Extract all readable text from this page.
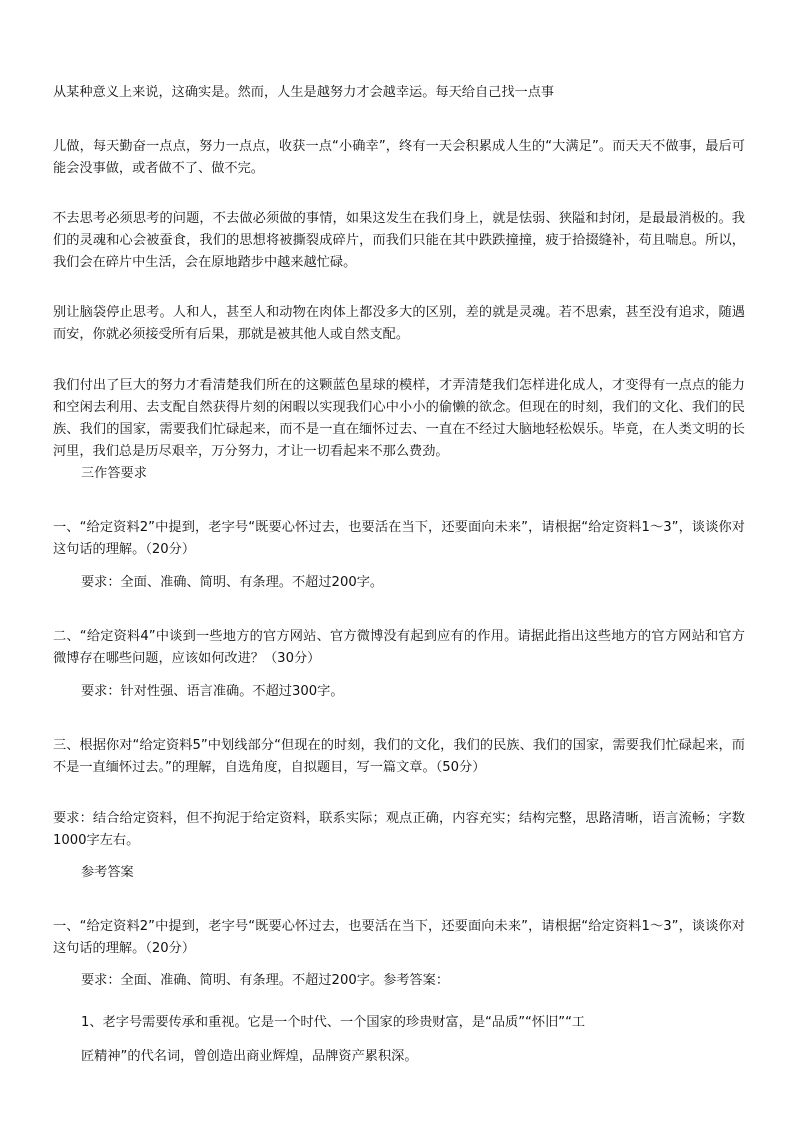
从某种意义上来说，这确实是。然而，人生是越努力才会越幸运。每天给自己找一点事

儿做，每天勤奋一点点，努力一点点，收获一点“小确幸”，终有一天会积累成人生的“大满足”。而天天不做事，最后可能会没事做，或者做不了、做不完。

不去思考必须思考的问题，不去做必须做的事情，如果这发生在我们身上，就是怯弱、狭隘和封闭，是最最消极的。我们的灵魂和心会被蚕食，我们的思想将被撕裂成碎片，而我们只能在其中跌跌撞撞，疲于拾掇缝补，苟且喘息。所以，我们会在碎片中生活，会在原地踏步中越来越忙碌。

别让脑袋停止思考。人和人，甚至人和动物在肉体上都没多大的区别，差的就是灵魂。若不思索，甚至没有追求，随遇而安，你就必须接受所有后果，那就是被其他人或自然支配。

我们付出了巨大的努力才看清楚我们所在的这颗蓝色星球的模样，才弄清楚我们怎样进化成人，才变得有一点点的能力和空闲去利用、去支配自然获得片刻的闲暇以实现我们心中小小的偷懒的欲念。但现在的时刻，我们的文化、我们的民族、我们的国家，需要我们忙碌起来，而不是一直在缅怀过去、一直在不经过大脑地轻松娱乐。毕竟，在人类文明的长河里，我们总是历尽艰辛，万分努力，才让一切看起来不那么费劲。

三作答要求

一、“给定资料2”中提到，老字号“既要心怀过去，也要活在当下，还要面向未来”，请根据“给定资料1～3”，谈谈你对这句话的理解。（20分）

要求：全面、准确、简明、有条理。不超过200字。

二、“给定资料4”中谈到一些地方的官方网站、官方微博没有起到应有的作用。请据此指出这些地方的官方网站和官方微博存在哪些问题，应该如何改进？（30分）

要求：针对性强、语言准确。不超过300字。

三、根据你对“给定资料5”中划线部分“但现在的时刻，我们的文化，我们的民族、我们的国家，需要我们忙碌起来，而不是一直缅怀过去。”的理解，自选角度，自拟题目，写一篇文章。（50分）

要求：结合给定资料，但不拘泥于给定资料，联系实际；观点正确，内容充实；结构完整，思路清晰，语言流畅；字数1000字左右。

参考答案

一、“给定资料2”中提到，老字号“既要心怀过去，也要活在当下，还要面向未来”，请根据“给定资料1～3”，谈谈你对这句话的理解。（20分）

要求：全面、准确、简明、有条理。不超过200字。参考答案：

1、老字号需要传承和重视。它是一个时代、一个国家的珍贵财富，是“品质”“怀旧”“工

匠精神”的代名词，曾创造出商业辉煌，品牌资产累积深。
